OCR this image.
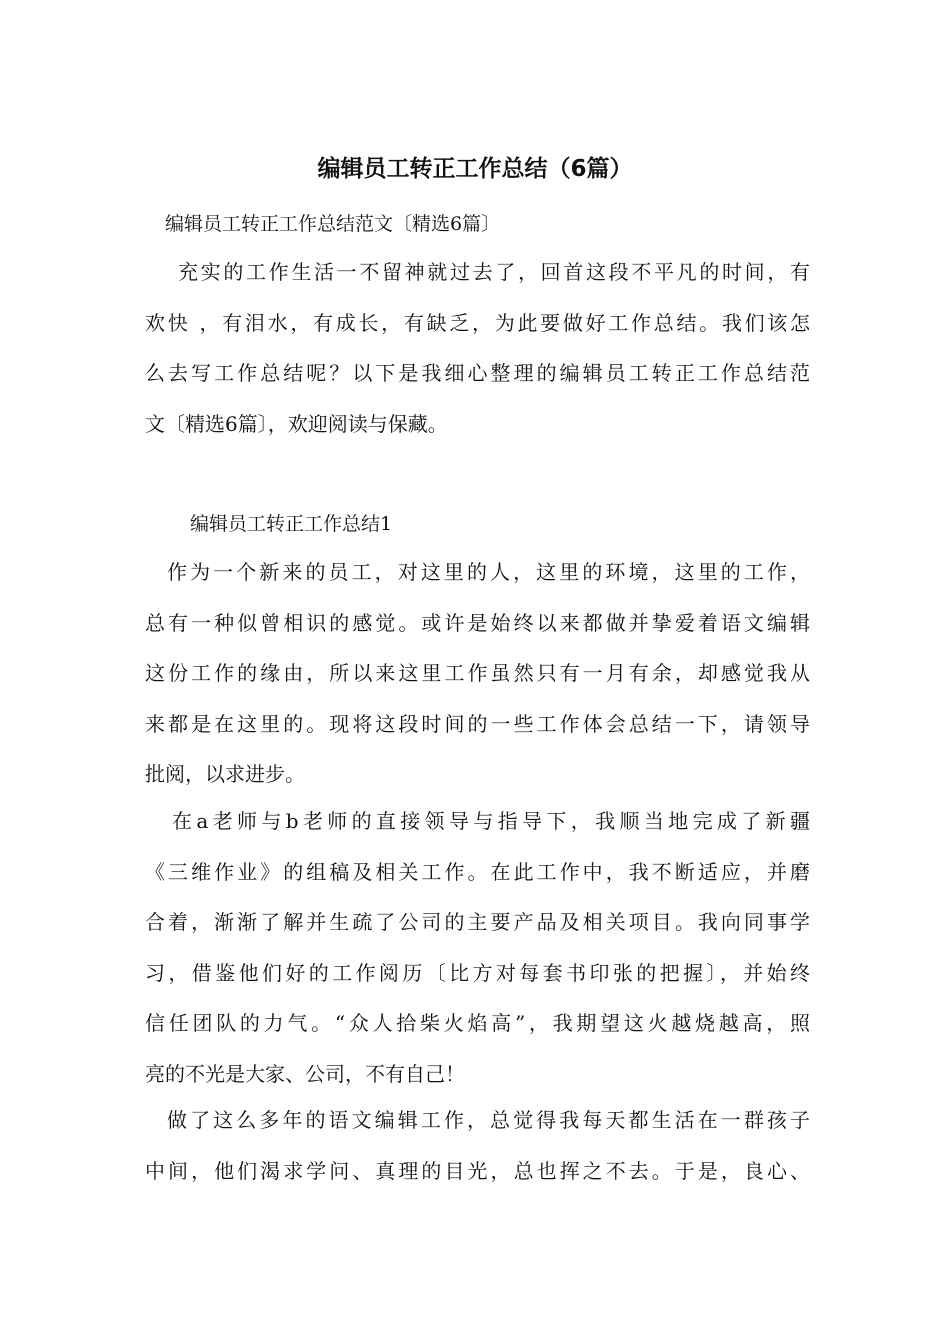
编辑员工转正工作总结（6篇）
编辑员工转正工作总结范文〔精选6篇〕
充实的工作生活一不留神就过去了，回首这段不平凡的时间，有
欢快 ，有泪水，有成长，有缺乏，为此要做好工作总结。我们该怎
么去写工作总结呢？以下是我细心整理的编辑员工转正工作总结范
文〔精选6篇〕，欢迎阅读与保藏。
编辑员工转正工作总结1
作为一个新来的员工，对这里的人，这里的环境，这里的工作，
总有一种似曾相识的感觉。或许是始终以来都做并挚爱着语文编辑
这份工作的缘由，所以来这里工作虽然只有一月有余，却感觉我从
来都是在这里的。现将这段时间的一些工作体会总结一下，请领导
批阅，以求进步。
在a老师与b老师的直接领导与指导下，我顺当地完成了新疆
《三维作业》的组稿及相关工作。在此工作中，我不断适应，并磨
合着，渐渐了解并生疏了公司的主要产品及相关项目。我向同事学
习，借鉴他们好的工作阅历〔比方对每套书印张的把握〕，并始终
信任团队的力气。“众人拾柴火焰高”，我期望这火越烧越高，照
亮的不光是大家、公司，不有自己！
做了这么多年的语文编辑工作，总觉得我每天都生活在一群孩子
中间，他们渴求学问、真理的目光，总也挥之不去。于是，良心、
